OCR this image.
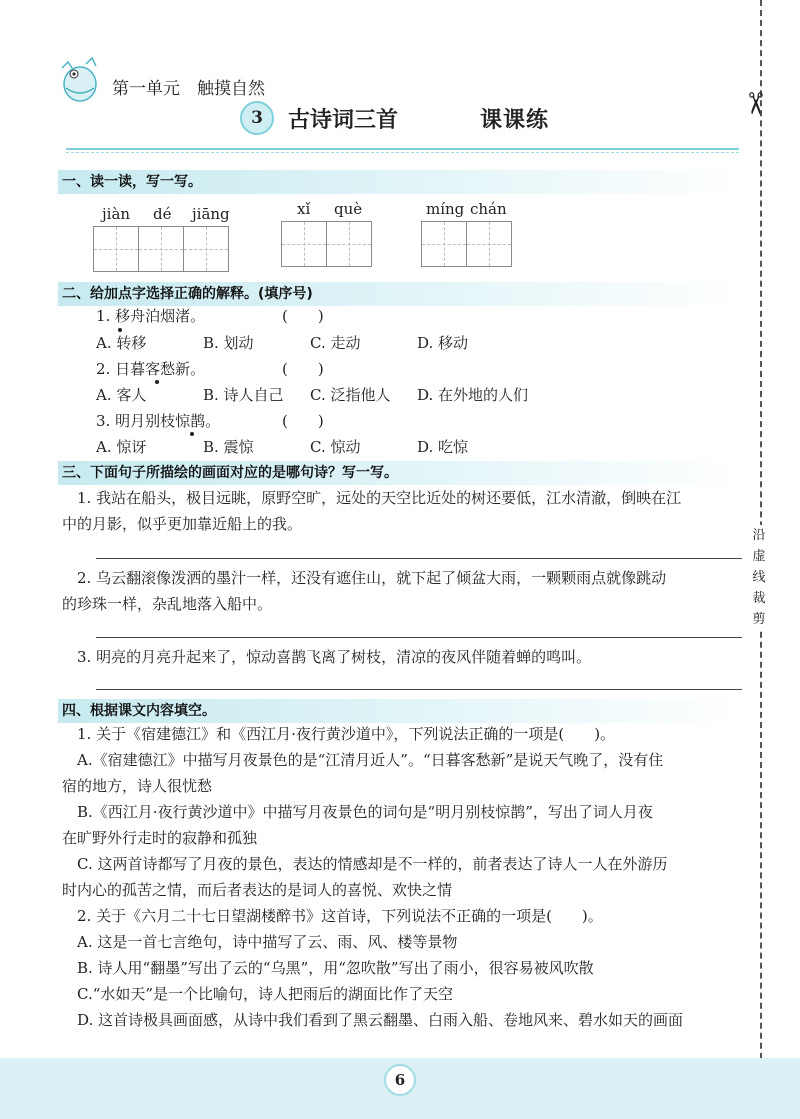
✂
沿
虚
线
裁
剪
第一单元　触摸自然
3	古诗词三首	课课练
一、读一读，写一写。
jiàn dé jiāng	xǐ què	míng chán
二、给加点字选择正确的解释。(填序号)
1. 移舟泊烟渚。	(　　)
A. 转移	B. 划动	C. 走动	D. 移动
2. 日暮客愁新。	(　　)
A. 客人	B. 诗人自己 C. 泛指他人 D. 在外地的人们
3. 明月别枝惊鹊。	(　　)
A. 惊讶	B. 震惊	C. 惊动	D. 吃惊
三、下面句子所描绘的画面对应的是哪句诗？写一写。
　1. 我站在船头，极目远眺，原野空旷，远处的天空比近处的树还要低，江水清澈，倒映在江
中的月影，似乎更加靠近船上的我。
　2. 乌云翻滚像泼洒的墨汁一样，还没有遮住山，就下起了倾盆大雨，一颗颗雨点就像跳动
的珍珠一样，杂乱地落入船中。
　3. 明亮的月亮升起来了，惊动喜鹊飞离了树枝，清凉的夜风伴随着蝉的鸣叫。
四、根据课文内容填空。
　1. 关于《宿建德江》和《西江月·夜行黄沙道中》，下列说法正确的一项是(　　)。
　A.《宿建德江》中描写月夜景色的是“江清月近人”。“日暮客愁新”是说天气晚了，没有住
宿的地方，诗人很忧愁
　B.《西江月·夜行黄沙道中》中描写月夜景色的词句是“明月别枝惊鹊”，写出了词人月夜
在旷野外行走时的寂静和孤独
　C. 这两首诗都写了月夜的景色，表达的情感却是不一样的，前者表达了诗人一人在外游历
时内心的孤苦之情，而后者表达的是词人的喜悦、欢快之情
　2. 关于《六月二十七日望湖楼醉书》这首诗，下列说法不正确的一项是(　　)。
　A. 这是一首七言绝句，诗中描写了云、雨、风、楼等景物
　B. 诗人用“翻墨”写出了云的“乌黑”，用“忽吹散”写出了雨小，很容易被风吹散
　C.“水如天”是一个比喻句，诗人把雨后的湖面比作了天空
　D. 这首诗极具画面感，从诗中我们看到了黑云翻墨、白雨入船、卷地风来、碧水如天的画面
6
